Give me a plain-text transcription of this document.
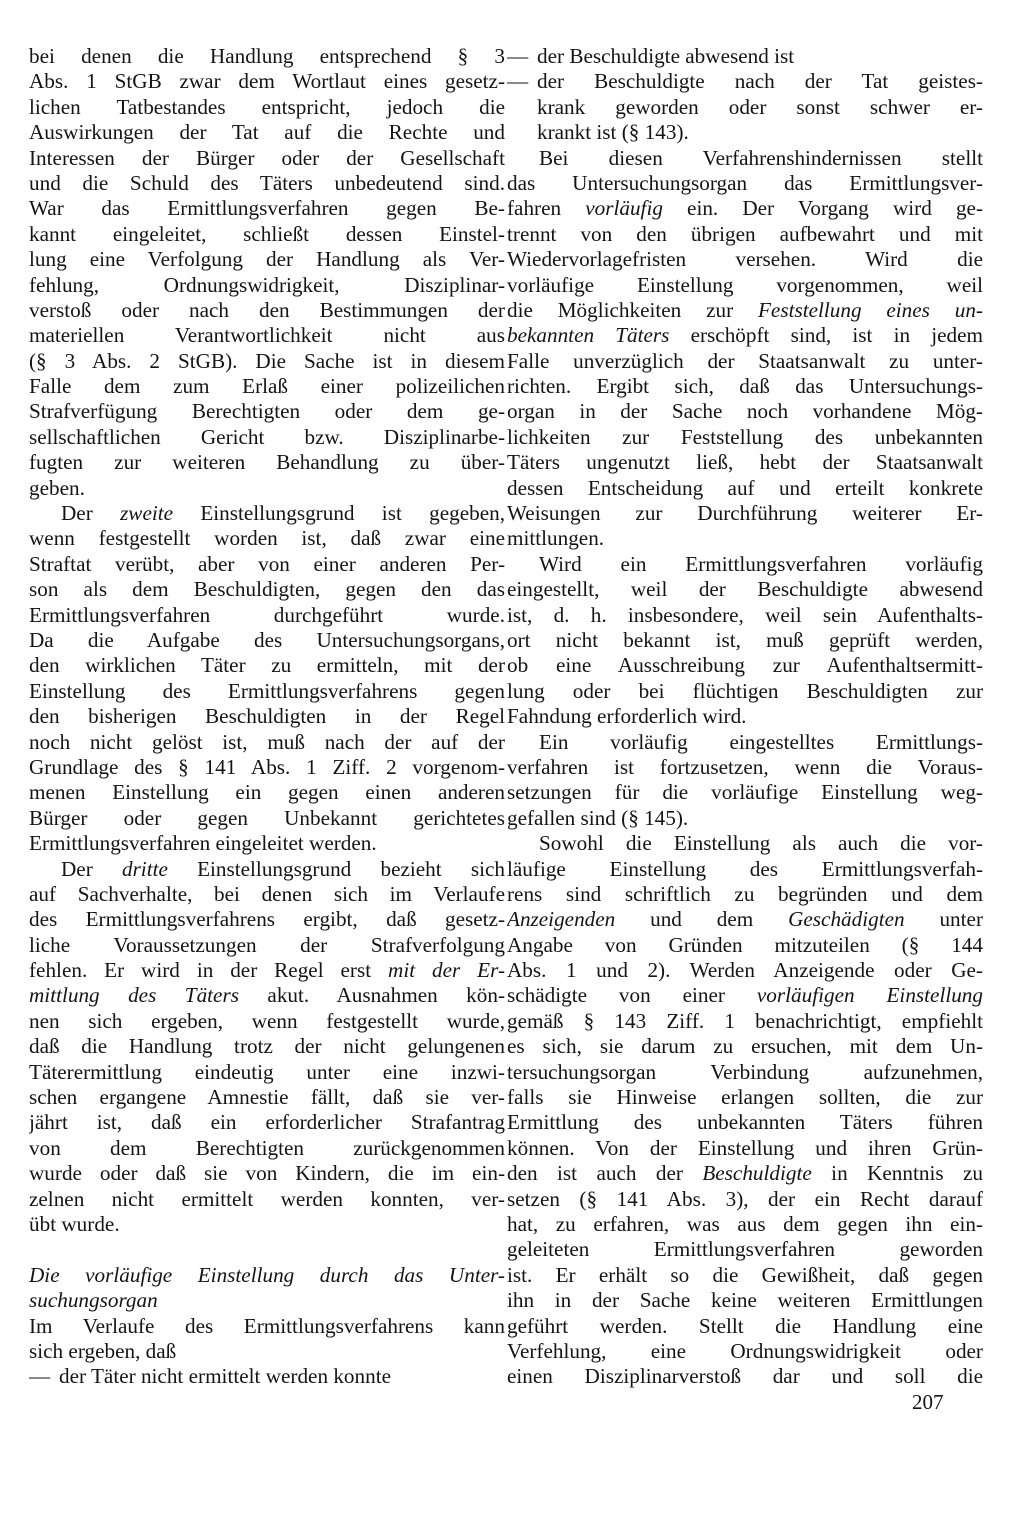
bei denen die Handlung entsprechend § 3
Abs. 1 StGB zwar dem Wortlaut eines gesetz-
lichen Tatbestandes entspricht, jedoch die
Auswirkungen der Tat auf die Rechte und
Interessen der Bürger oder der Gesellschaft
und die Schuld des Täters unbedeutend sind.
War das Ermittlungsverfahren gegen Be-
kannt eingeleitet, schließt dessen Einstel-
lung eine Verfolgung der Handlung als Ver-
fehlung, Ordnungswidrigkeit, Disziplinar-
verstoß oder nach den Bestimmungen der
materiellen Verantwortlichkeit nicht aus
(§ 3 Abs. 2 StGB). Die Sache ist in diesem
Falle dem zum Erlaß einer polizeilichen
Strafverfügung Berechtigten oder dem ge-
sellschaftlichen Gericht bzw. Disziplinarbe-
fugten zur weiteren Behandlung zu über-
geben.
Der zweite Einstellungsgrund ist gegeben,
wenn festgestellt worden ist, daß zwar eine
Straftat verübt, aber von einer anderen Per-
son als dem Beschuldigten, gegen den das
Ermittlungsverfahren durchgeführt wurde.
Da die Aufgabe des Untersuchungsorgans,
den wirklichen Täter zu ermitteln, mit der
Einstellung des Ermittlungsverfahrens gegen
den bisherigen Beschuldigten in der Regel
noch nicht gelöst ist, muß nach der auf der
Grundlage des § 141 Abs. 1 Ziff. 2 vorgenom-
menen Einstellung ein gegen einen anderen
Bürger oder gegen Unbekannt gerichtetes
Ermittlungsverfahren eingeleitet werden.
Der dritte Einstellungsgrund bezieht sich
auf Sachverhalte, bei denen sich im Verlaufe
des Ermittlungsverfahrens ergibt, daß gesetz-
liche Voraussetzungen der Strafverfolgung
fehlen. Er wird in der Regel erst mit der Er-
mittlung des Täters akut. Ausnahmen kön-
nen sich ergeben, wenn festgestellt wurde,
daß die Handlung trotz der nicht gelungenen
Täterermittlung eindeutig unter eine inzwi-
schen ergangene Amnestie fällt, daß sie ver-
jährt ist, daß ein erforderlicher Strafantrag
von dem Berechtigten zurückgenommen
wurde oder daß sie von Kindern, die im ein-
zelnen nicht ermittelt werden konnten, ver-
übt wurde.
Die vorläufige Einstellung durch das Unter-
suchungsorgan
Im Verlaufe des Ermittlungsverfahrens kann
sich ergeben, daß
— der Täter nicht ermittelt werden konnte
— der Beschuldigte abwesend ist
— der Beschuldigte nach der Tat geistes-
krank geworden oder sonst schwer er-
krankt ist (§ 143).
Bei diesen Verfahrenshindernissen stellt
das Untersuchungsorgan das Ermittlungsver-
fahren vorläufig ein. Der Vorgang wird ge-
trennt von den übrigen aufbewahrt und mit
Wiedervorlagefristen versehen. Wird die
vorläufige Einstellung vorgenommen, weil
die Möglichkeiten zur Feststellung eines un-
bekannten Täters erschöpft sind, ist in jedem
Falle unverzüglich der Staatsanwalt zu unter-
richten. Ergibt sich, daß das Untersuchungs-
organ in der Sache noch vorhandene Mög-
lichkeiten zur Feststellung des unbekannten
Täters ungenutzt ließ, hebt der Staatsanwalt
dessen Entscheidung auf und erteilt konkrete
Weisungen zur Durchführung weiterer Er-
mittlungen.
Wird ein Ermittlungsverfahren vorläufig
eingestellt, weil der Beschuldigte abwesend
ist, d. h. insbesondere, weil sein Aufenthalts-
ort nicht bekannt ist, muß geprüft werden,
ob eine Ausschreibung zur Aufenthaltsermitt-
lung oder bei flüchtigen Beschuldigten zur
Fahndung erforderlich wird.
Ein vorläufig eingestelltes Ermittlungs-
verfahren ist fortzusetzen, wenn die Voraus-
setzungen für die vorläufige Einstellung weg-
gefallen sind (§ 145).
Sowohl die Einstellung als auch die vor-
läufige Einstellung des Ermittlungsverfah-
rens sind schriftlich zu begründen und dem
Anzeigenden und dem Geschädigten unter
Angabe von Gründen mitzuteilen (§ 144
Abs. 1 und 2). Werden Anzeigende oder Ge-
schädigte von einer vorläufigen Einstellung
gemäß § 143 Ziff. 1 benachrichtigt, empfiehlt
es sich, sie darum zu ersuchen, mit dem Un-
tersuchungsorgan Verbindung aufzunehmen,
falls sie Hinweise erlangen sollten, die zur
Ermittlung des unbekannten Täters führen
können. Von der Einstellung und ihren Grün-
den ist auch der Beschuldigte in Kenntnis zu
setzen (§ 141 Abs. 3), der ein Recht darauf
hat, zu erfahren, was aus dem gegen ihn ein-
geleiteten Ermittlungsverfahren geworden
ist. Er erhält so die Gewißheit, daß gegen
ihn in der Sache keine weiteren Ermittlungen
geführt werden. Stellt die Handlung eine
Verfehlung, eine Ordnungswidrigkeit oder
einen Disziplinarverstoß dar und soll die
207
